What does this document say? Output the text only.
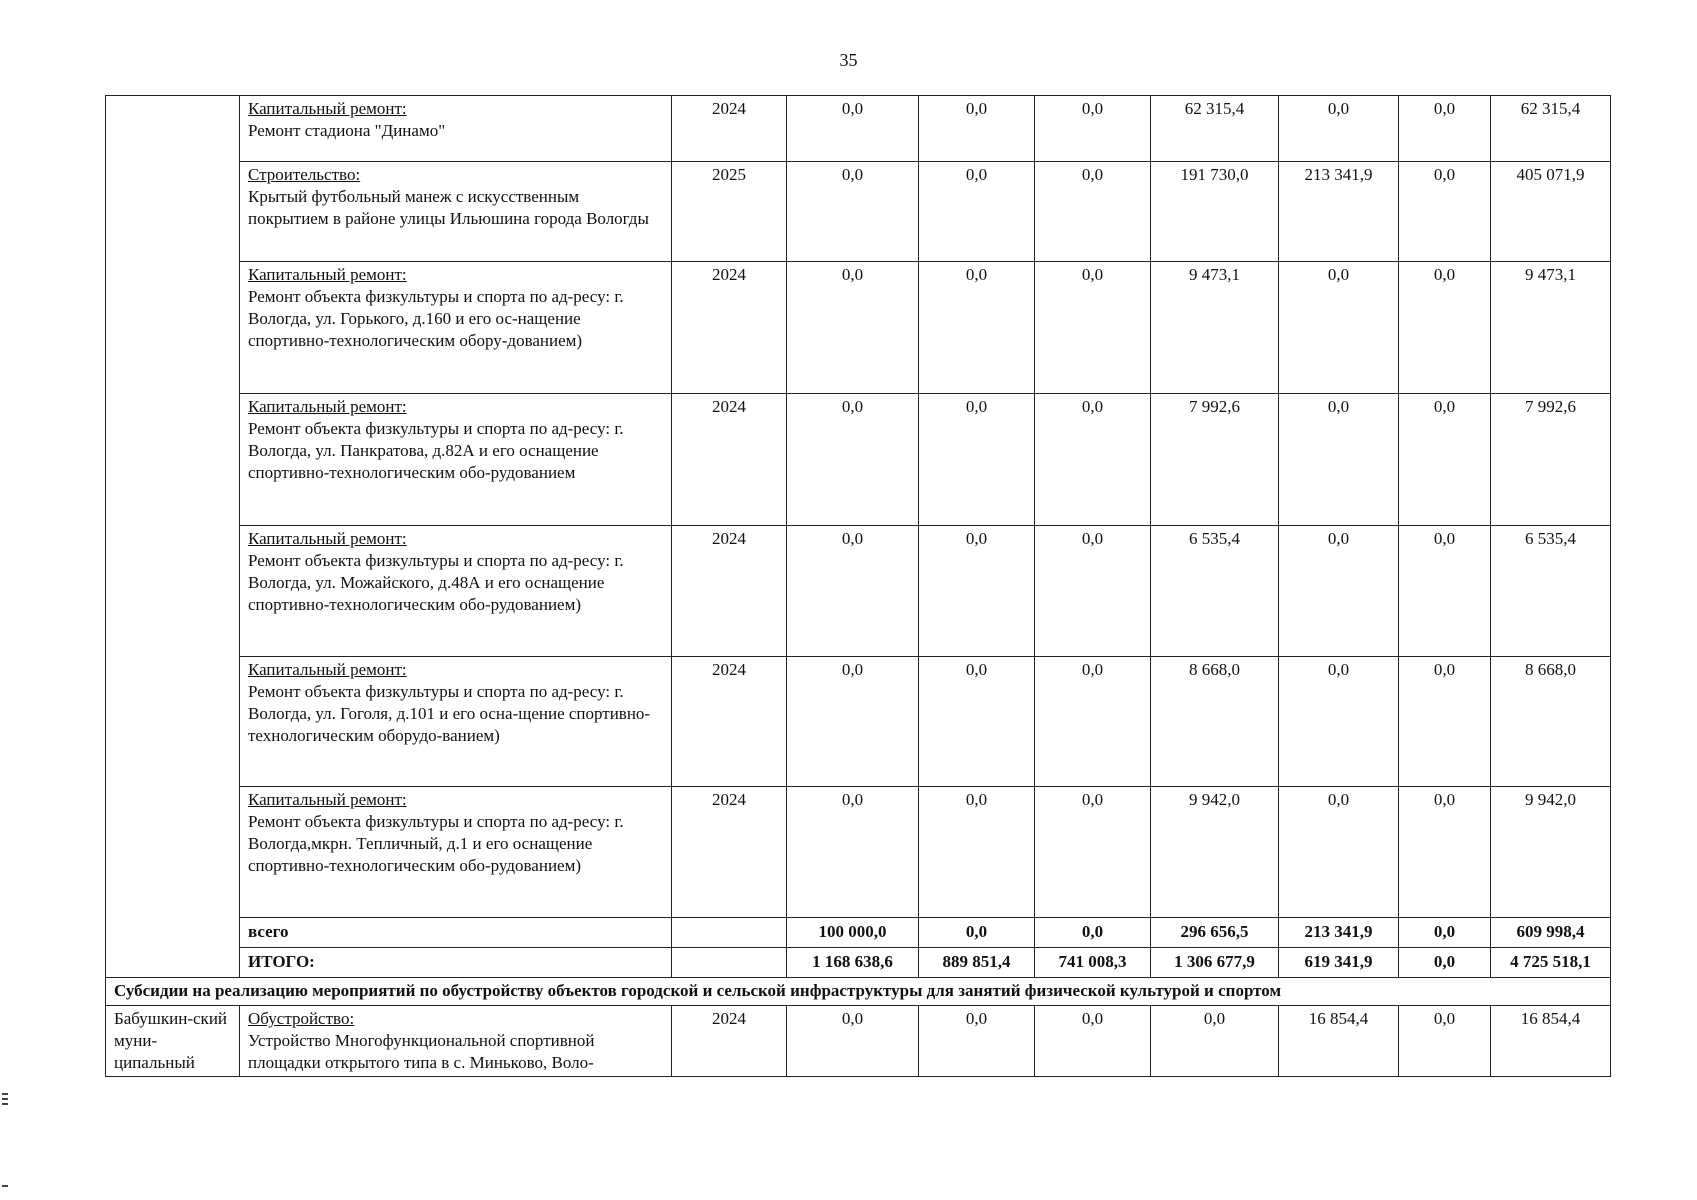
35

	Капитальный ремонт:
Ремонт стадиона "Динамо"	2024	0,0	0,0	0,0	62 315,4	0,0	0,0	62 315,4

	Строительство:
Крытый футбольный манеж с искусственным покрытием в районе улицы Ильюшина города Вологды	2025	0,0	0,0	0,0	191 730,0	213 341,9	0,0	405 071,9

	Капитальный ремонт:
Ремонт объекта физкультуры и спорта по ад-ресу: г. Вологда, ул. Горького, д.160 и его ос-нащение спортивно-технологическим обору-дованием)	2024	0,0	0,0	0,0	9 473,1	0,0	0,0	9 473,1

	Капитальный ремонт:
Ремонт объекта физкультуры и спорта по ад-ресу: г. Вологда, ул. Панкратова, д.82А и его оснащение спортивно-технологическим обо-рудованием	2024	0,0	0,0	0,0	7 992,6	0,0	0,0	7 992,6

	Капитальный ремонт:
Ремонт объекта физкультуры и спорта по ад-ресу: г. Вологда, ул. Можайского, д.48А и его оснащение спортивно-технологическим обо-рудованием)	2024	0,0	0,0	0,0	6 535,4	0,0	0,0	6 535,4

	Капитальный ремонт:
Ремонт объекта физкультуры и спорта по ад-ресу: г. Вологда, ул. Гоголя, д.101 и его осна-щение спортивно-технологическим оборудо-ванием)	2024	0,0	0,0	0,0	8 668,0	0,0	0,0	8 668,0

	Капитальный ремонт:
Ремонт объекта физкультуры и спорта по ад-ресу: г. Вологда,мкрн. Тепличный, д.1 и его оснащение спортивно-технологическим обо-рудованием)	2024	0,0	0,0	0,0	9 942,0	0,0	0,0	9 942,0
	всего		100 000,0	0,0	0,0	296 656,5	213 341,9	0,0	609 998,4
	ИТОГО:		1 168 638,6	889 851,4	741 008,3	1 306 677,9	619 341,9	0,0	4 725 518,1
Субсидии на реализацию мероприятий по обустройству объектов городской и сельской инфраструктуры для занятий физической культурой и спортом									
Бабушкин-ский муни-ципальный	Обустройство:
Устройство Многофункциональной спортивной площадки открытого типа в с. Миньково, Воло-	2024	0,0	0,0	0,0	0,0	16 854,4	0,0	16 854,4
